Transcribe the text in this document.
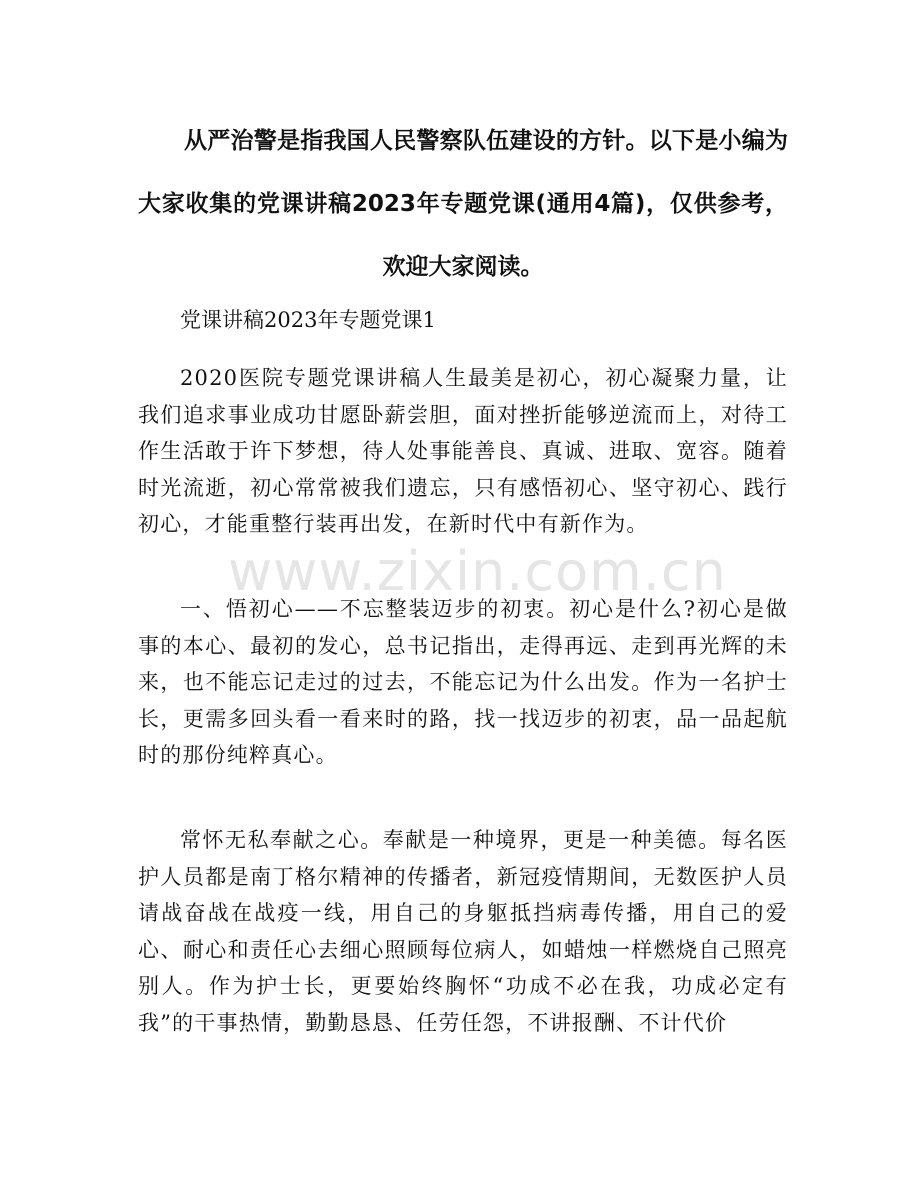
从严治警是指我国人民警察队伍建设的方针。以下是小编为大家收集的党课讲稿2023年专题党课(通用4篇)，仅供参考，欢迎大家阅读。

党课讲稿2023年专题党课1

2020医院专题党课讲稿人生最美是初心，初心凝聚力量，让我们追求事业成功甘愿卧薪尝胆，面对挫折能够逆流而上，对待工作生活敢于许下梦想，待人处事能善良、真诚、进取、宽容。随着时光流逝，初心常常被我们遗忘，只有感悟初心、坚守初心、践行初心，才能重整行装再出发，在新时代中有新作为。

一、悟初心——不忘整装迈步的初衷。初心是什么?初心是做事的本心、最初的发心，总书记指出，走得再远、走到再光辉的未来，也不能忘记走过的过去，不能忘记为什么出发。作为一名护士长，更需多回头看一看来时的路，找一找迈步的初衷，品一品起航时的那份纯粹真心。

常怀无私奉献之心。奉献是一种境界，更是一种美德。每名医护人员都是南丁格尔精神的传播者，新冠疫情期间，无数医护人员请战奋战在战疫一线，用自己的身躯抵挡病毒传播，用自己的爱心、耐心和责任心去细心照顾每位病人，如蜡烛一样燃烧自己照亮别人。作为护士长，更要始终胸怀“功成不必在我，功成必定有我”的干事热情，勤勤恳恳、任劳任怨，不讲报酬、不计代价

www.zixin.com.cn
